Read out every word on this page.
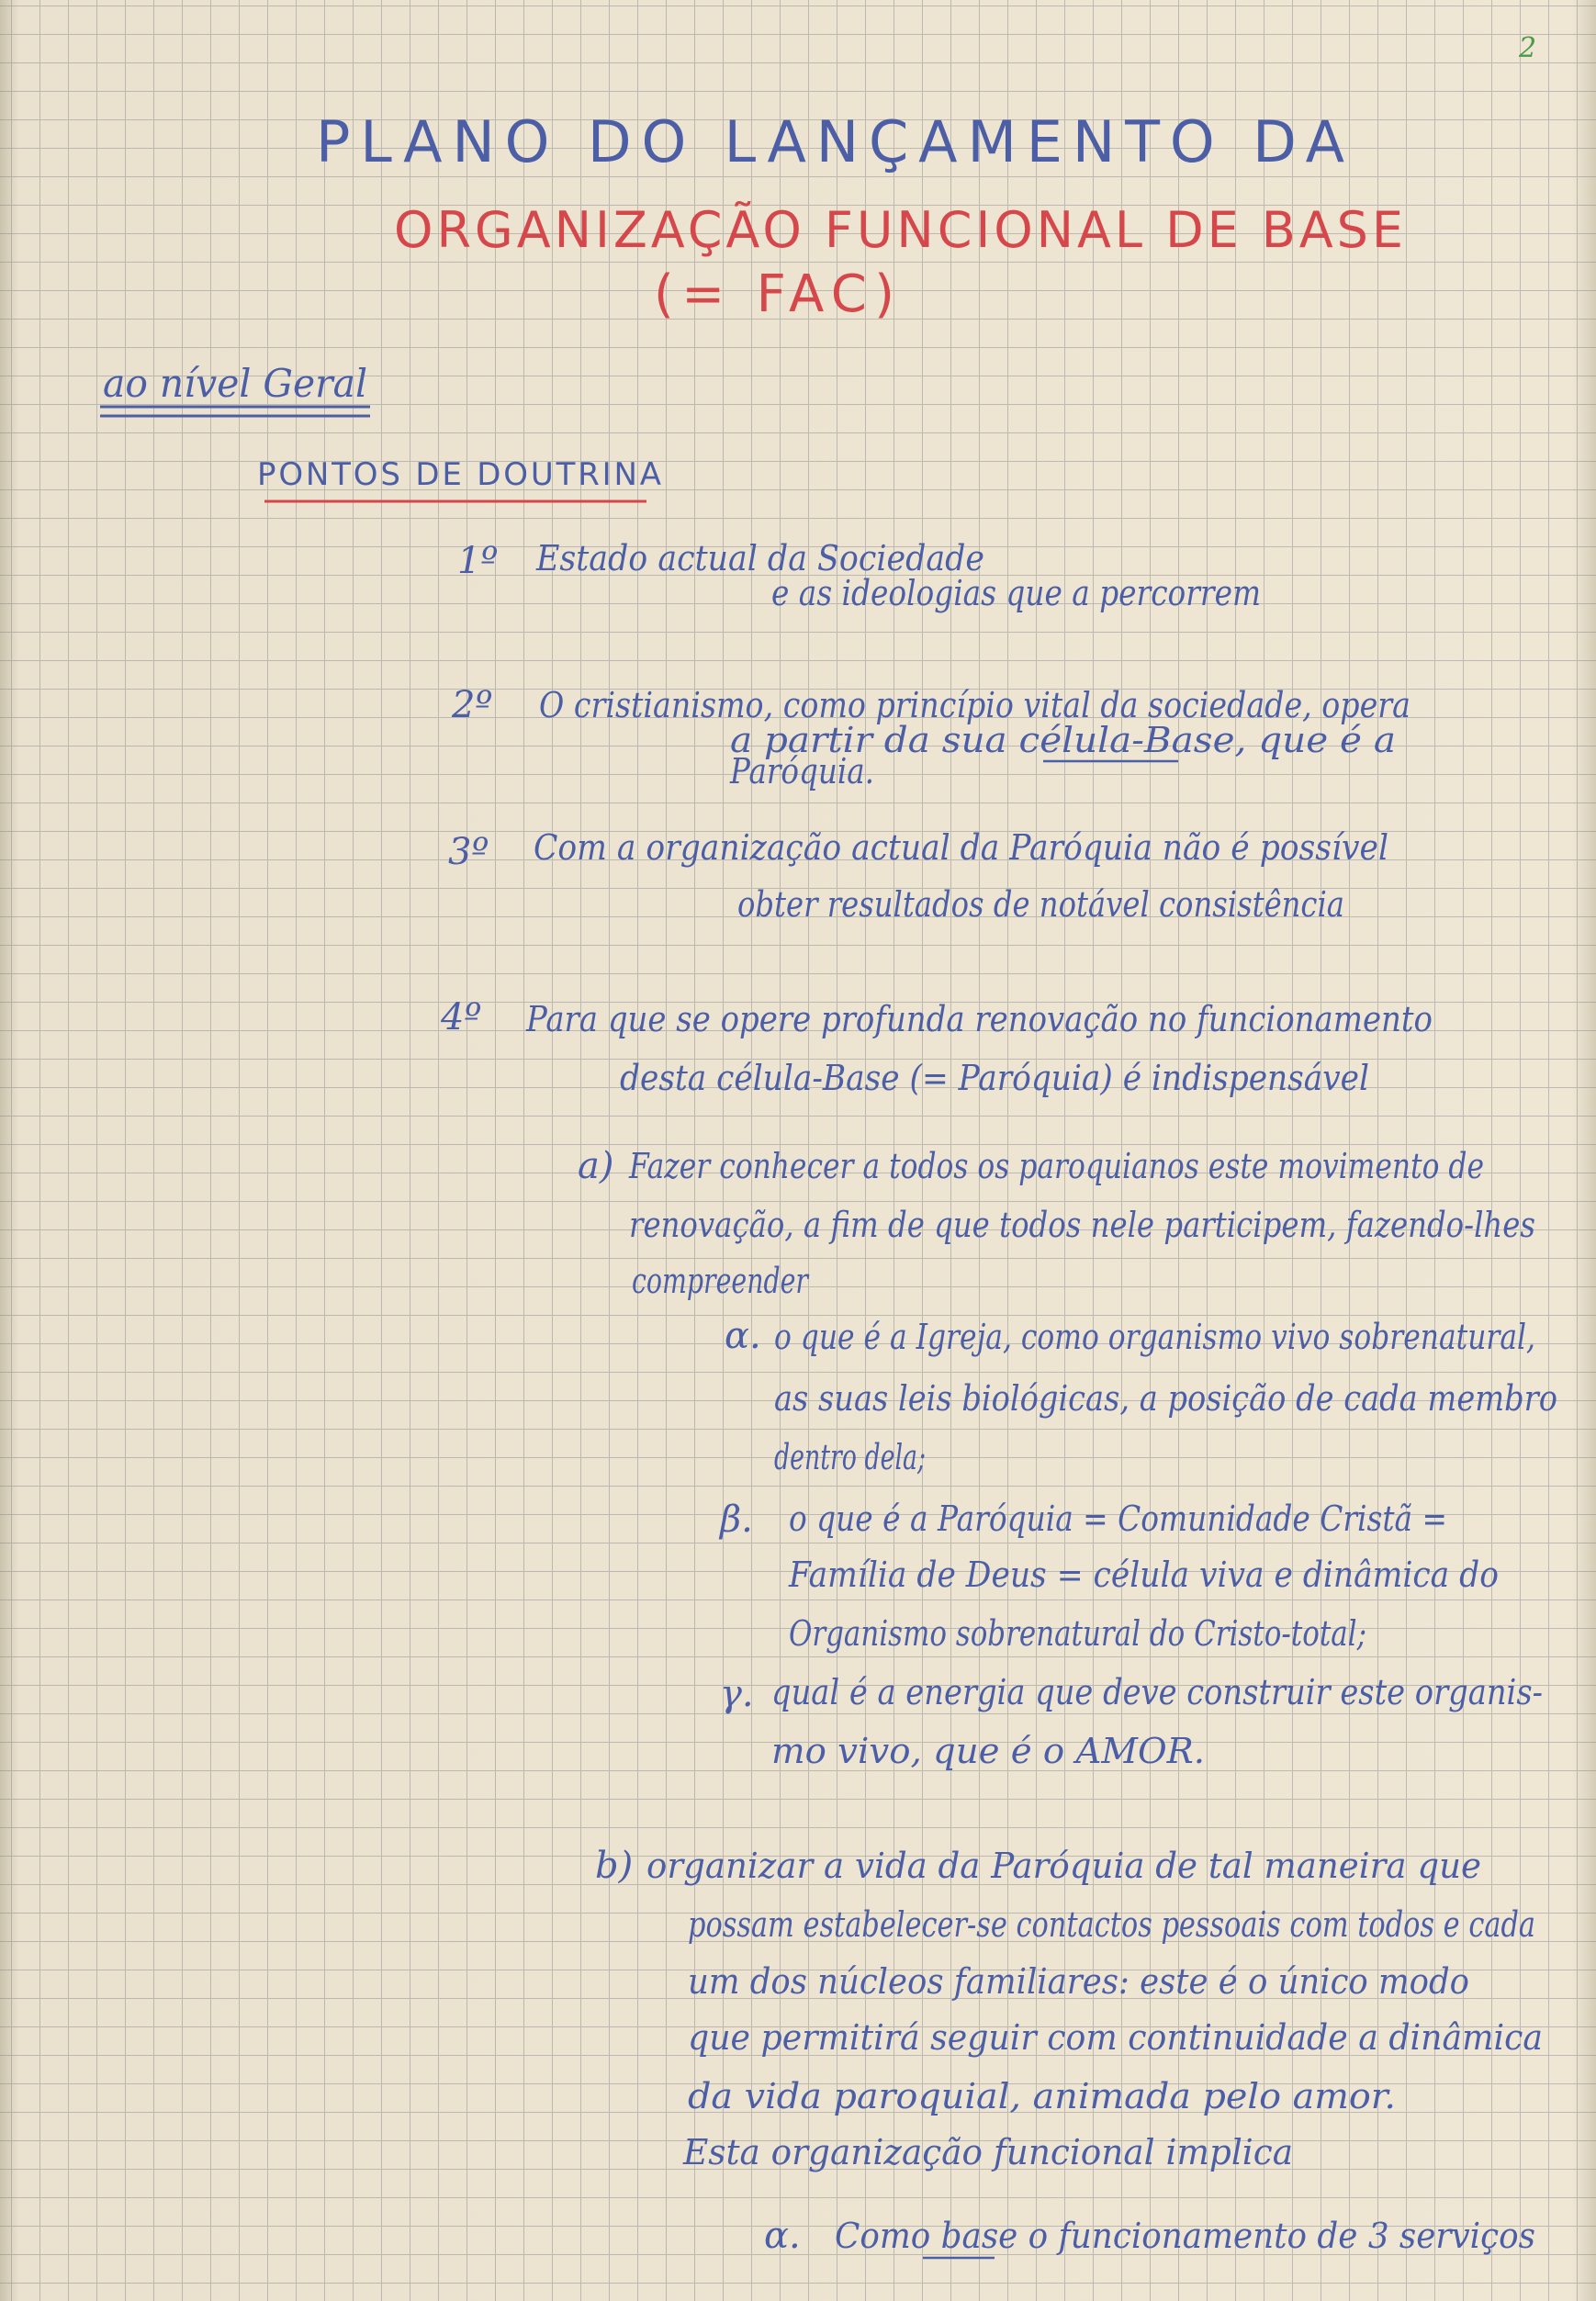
2
PLANO DO LANÇAMENTO DA
ORGANIZAÇÃO FUNCIONAL DE BASE
(= FAC)
ao nível Geral
PONTOS DE DOUTRINA
1º Estado actual da Sociedade
e as ideologias que a percorrem
2º O cristianismo, como princípio vital da sociedade, opera
a partir da sua célula-Base, que é a
Paróquia.
3º Com a organização actual da Paróquia não é possível
obter resultados de notável consistência
4º Para que se opere profunda renovação no funcionamento
desta célula-Base (= Paróquia) é indispensável
a) Fazer conhecer a todos os paroquianos este movimento de
renovação, a fim de que todos nele participem, fazendo-lhes
compreender
α. o que é a Igreja, como organismo vivo sobrenatural,
as suas leis biológicas, a posição de cada membro
dentro dela;
β. o que é a Paróquia = Comunidade Cristã =
Família de Deus = célula viva e dinâmica do
Organismo sobrenatural do Cristo-total;
γ. qual é a energia que deve construir este organis-
mo vivo, que é o AMOR.
b) organizar a vida da Paróquia de tal maneira que
possam estabelecer-se contactos pessoais com todos e cada
um dos núcleos familiares: este é o único modo
que permitirá seguir com continuidade a dinâmica
da vida paroquial, animada pelo amor.
Esta organização funcional implica
α. Como base o funcionamento de 3 serviços
